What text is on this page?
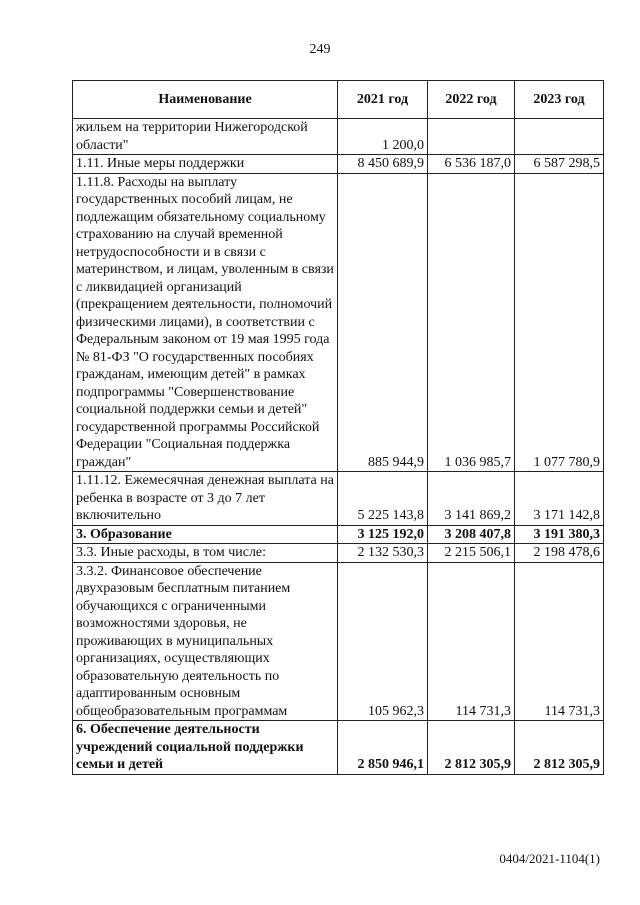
249
Наименование	2021 год	2022 год	2023 год
жильем на территории Нижегородской области"	1 200,0		
1.11. Иные меры поддержки	8 450 689,9	6 536 187,0	6 587 298,5
1.11.8. Расходы на выплату государственных пособий лицам, не подлежащим обязательному социальному страхованию на случай временной нетрудоспособности и в связи с материнством, и лицам, уволенным в связи с ликвидацией организаций (прекращением деятельности, полномочий физическими лицами), в соответствии с Федеральным законом от 19 мая 1995 года № 81-ФЗ "О государственных пособиях гражданам, имеющим детей" в рамках подпрограммы "Совершенствование социальной поддержки семьи и детей" государственной программы Российской Федерации "Социальная поддержка граждан"	885 944,9	1 036 985,7	1 077 780,9
1.11.12. Ежемесячная денежная выплата на ребенка в возрасте от 3 до 7 лет включительно	5 225 143,8	3 141 869,2	3 171 142,8
3. Образование	3 125 192,0	3 208 407,8	3 191 380,3
3.3. Иные расходы, в том числе:	2 132 530,3	2 215 506,1	2 198 478,6
3.3.2. Финансовое обеспечение двухразовым бесплатным питанием обучающихся с ограниченными возможностями здоровья, не проживающих в муниципальных организациях, осуществляющих образовательную деятельность по адаптированным основным общеобразовательным программам	105 962,3	114 731,3	114 731,3
6. Обеспечение деятельности учреждений социальной поддержки семьи и детей	2 850 946,1	2 812 305,9	2 812 305,9
0404/2021-1104(1)
